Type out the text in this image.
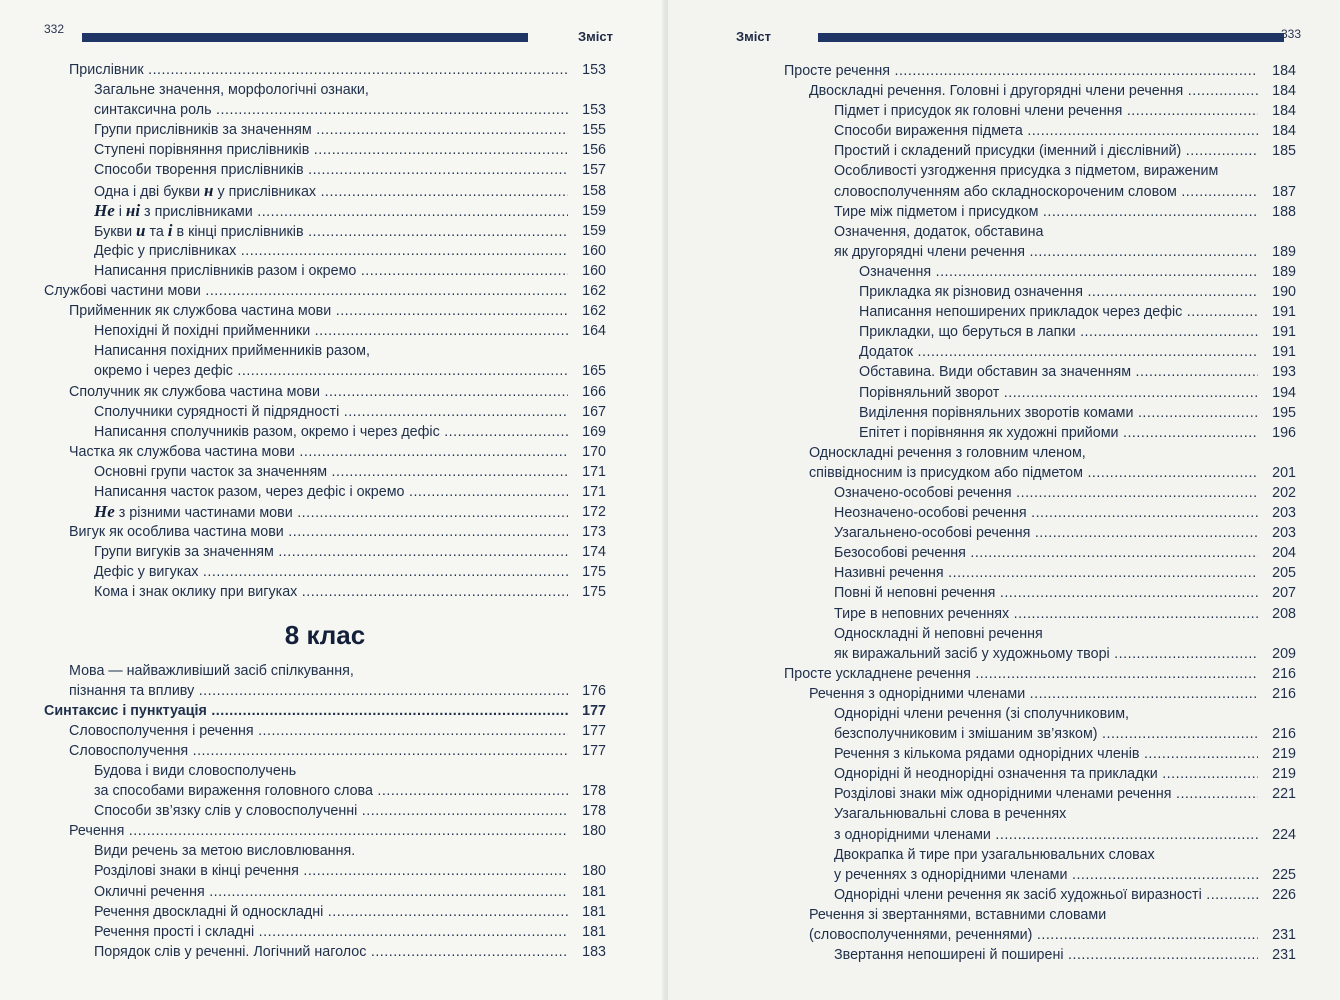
332	Зміст
Прислівник .....	153
Загальне значення, морфологічні ознаки,
синтаксична роль .....	153
Групи прислівників за значенням .....	155
Ступені порівняння прислівників .....	156
Способи творення прислівників .....	157
Одна і дві букви н у прислівниках .....	158
Не і ні з прислівниками .....	159
Букви и та і в кінці прислівників .....	159
Дефіс у прислівниках .....	160
Написання прислівників разом і окремо .....	160
Службові частини мови .....	162
Прийменник як службова частина мови .....	162
Непохідні й похідні прийменники .....	164
Написання похідних прийменників разом,
окремо і через дефіс .....	165
Сполучник як службова частина мови .....	166
Сполучники сурядності й підрядності .....	167
Написання сполучників разом, окремо і через дефіс .....	169
Частка як службова частина мови .....	170
Основні групи часток за значенням .....	171
Написання часток разом, через дефіс і окремо .....	171
Не з різними частинами мови .....	172
Вигук як особлива частина мови .....	173
Групи вигуків за значенням .....	174
Дефіс у вигуках .....	175
Кома і знак оклику при вигуках .....	175
8 клас
Мова — найважливіший засіб спілкування,
пізнання та впливу .....	176
Синтаксис і пунктуація .....	177
Словосполучення і речення .....	177
Словосполучення .....	177
Будова і види словосполучень
за способами вираження головного слова .....	178
Способи зв’язку слів у словосполученні .....	178
Речення .....	180
Види речень за метою висловлювання.
Розділові знаки в кінці речення .....	180
Окличні речення .....	181
Речення двоскладні й односкладні .....	181
Речення прості і складні .....	181
Порядок слів у реченні. Логічний наголос .....	183
Зміст	333
Просте речення .....	184
Двоскладні речення. Головні і другорядні члени речення .....	184
Підмет і присудок як головні члени речення .....	184
Способи вираження підмета .....	184
Простий і складений присудки (іменний і дієслівний) .....	185
Особливості узгодження присудка з підметом, вираженим
словосполученням або складноскороченим словом .....	187
Тире між підметом і присудком .....	188
Означення, додаток, обставина
як другорядні члени речення .....	189
Означення .....	189
Прикладка як різновид означення .....	190
Написання непоширених прикладок через дефіс .....	191
Прикладки, що беруться в лапки .....	191
Додаток .....	191
Обставина. Види обставин за значенням .....	193
Порівняльний зворот .....	194
Виділення порівняльних зворотів комами .....	195
Епітет і порівняння як художні прийоми .....	196
Односкладні речення з головним членом,
співвідносним із присудком або підметом .....	201
Означено-особові речення .....	202
Неозначено-особові речення .....	203
Узагальнено-особові речення .....	203
Безособові речення .....	204
Називні речення .....	205
Повні й неповні речення .....	207
Тире в неповних реченнях .....	208
Односкладні й неповні речення
як виражальний засіб у художньому творі .....	209
Просте ускладнене речення .....	216
Речення з однорідними членами .....	216
Однорідні члени речення (зі сполучниковим,
безсполучниковим і змішаним зв’язком) .....	216
Речення з кількома рядами однорідних членів .....	219
Однорідні й неоднорідні означення та прикладки .....	219
Розділові знаки між однорідними членами речення .....	221
Узагальнювальні слова в реченнях
з однорідними членами .....	224
Двокрапка й тире при узагальнювальних словах
у реченнях з однорідними членами .....	225
Однорідні члени речення як засіб художньої виразності .....	226
Речення зі звертаннями, вставними словами
(словосполученнями, реченнями) .....	231
Звертання непоширені й поширені .....	231
